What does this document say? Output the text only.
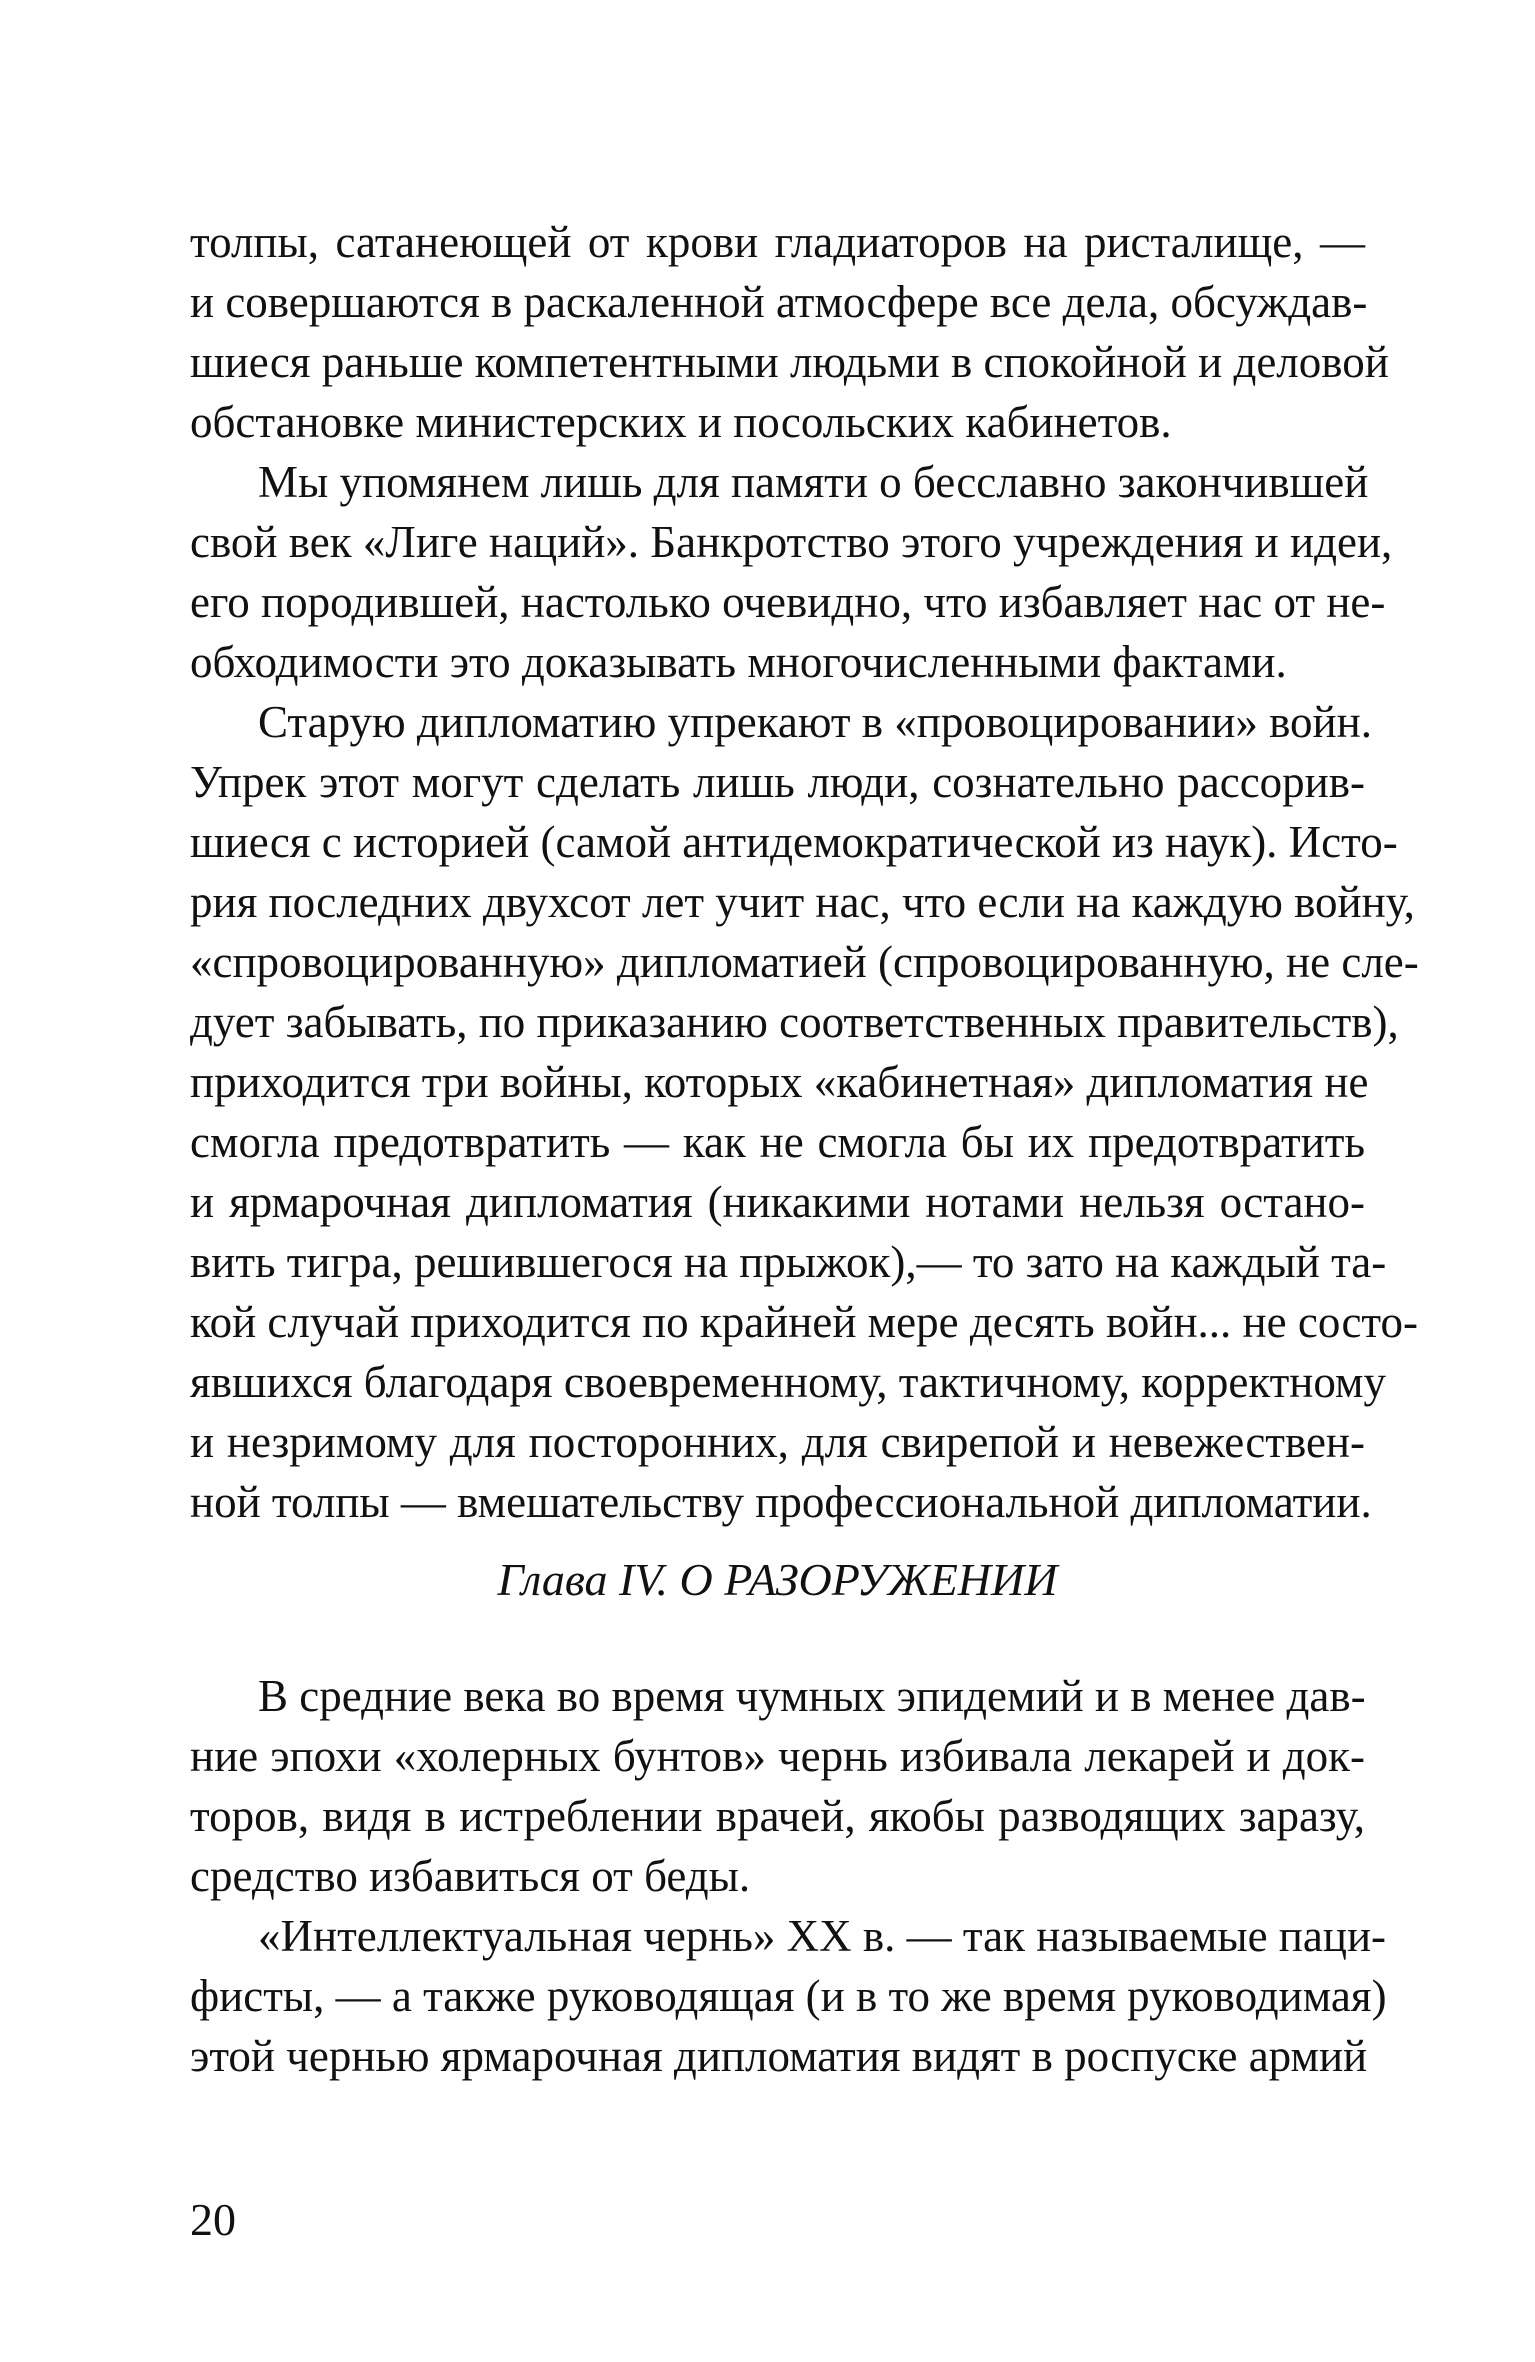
толпы, сатанеющей от крови гладиаторов на ристалище, —
и совершаются в раскаленной атмосфере все дела, обсуждав-
шиеся раньше компетентными людьми в спокойной и деловой
обстановке министерских и посольских кабинетов.
Мы упомянем лишь для памяти о бесславно закончившей
свой век «Лиге наций». Банкротство этого учреждения и идеи,
его породившей, настолько очевидно, что избавляет нас от не-
обходимости это доказывать многочисленными фактами.
Старую дипломатию упрекают в «провоцировании» войн.
Упрек этот могут сделать лишь люди, сознательно рассорив-
шиеся с историей (самой антидемократической из наук). Исто-
рия последних двухсот лет учит нас, что если на каждую войну,
«спровоцированную» дипломатией (спровоцированную, не сле-
дует забывать, по приказанию соответственных правительств),
приходится три войны, которых «кабинетная» дипломатия не
смогла предотвратить — как не смогла бы их предотвратить
и ярмарочная дипломатия (никакими нотами нельзя остано-
вить тигра, решившегося на прыжок),— то зато на каждый та-
кой случай приходится по крайней мере десять войн... не состо-
явшихся благодаря своевременному, тактичному, корректному
и незримому для посторонних, для свирепой и невежествен-
ной толпы — вмешательству профессиональной дипломатии.
Глава IV. О РАЗОРУЖЕНИИ
В средние века во время чумных эпидемий и в менее дав-
ние эпохи «холерных бунтов» чернь избивала лекарей и док-
торов, видя в истреблении врачей, якобы разводящих заразу,
средство избавиться от беды.
«Интеллектуальная чернь» XX в. — так называемые паци-
фисты, — а также руководящая (и в то же время руководимая)
этой чернью ярмарочная дипломатия видят в роспуске армий
20
